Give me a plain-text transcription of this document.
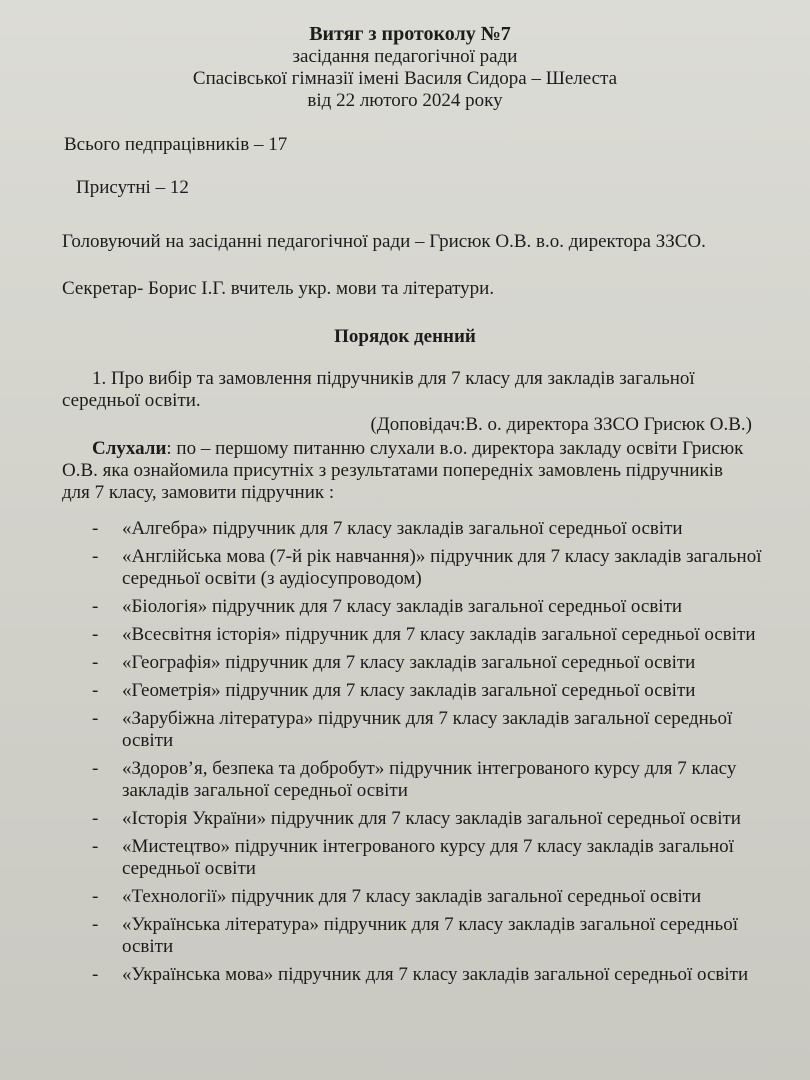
Витяг з протоколу №7
засідання педагогічної ради
Спасівської гімназії імені Василя Сидора – Шелеста
від 22 лютого 2024 року
Всього педпрацівників – 17
Присутні – 12
Головуючий на засіданні педагогічної ради – Грисюк О.В. в.о. директора ЗЗСО.
Секретар- Борис І.Г. вчитель укр. мови та літератури.
Порядок денний
1. Про вибір та замовлення підручників для 7 класу для закладів загальної середньої освіти.
(Доповідач:В. о. директора ЗЗСО Грисюк О.В.)
Слухали: по – першому питанню слухали в.о. директора закладу освіти Грисюк О.В. яка ознайомила присутніх з результатами попередніх замовлень підручників для 7 класу, замовити підручник :
- «Алгебра» підручник для 7 класу закладів загальної середньої освіти
- «Англійська мова (7-й рік навчання)» підручник для 7 класу закладів загальної середньої освіти (з аудіосупроводом)
- «Біологія» підручник для 7 класу закладів загальної середньої освіти
- «Всесвітня історія» підручник для 7 класу закладів загальної середньої освіти
- «Географія» підручник для 7 класу закладів загальної середньої освіти
- «Геометрія» підручник для 7 класу закладів загальної середньої освіти
- «Зарубіжна література» підручник для 7 класу закладів загальної середньої освіти
- «Здоров’я, безпека та добробут» підручник інтегрованого курсу для 7 класу закладів загальної середньої освіти
- «Історія України» підручник для 7 класу закладів загальної середньої освіти
- «Мистецтво» підручник інтегрованого курсу для 7 класу закладів загальної середньої освіти
- «Технології» підручник для 7 класу закладів загальної середньої освіти
- «Українська література» підручник для 7 класу закладів загальної середньої освіти
- «Українська мова» підручник для 7 класу закладів загальної середньої освіти
